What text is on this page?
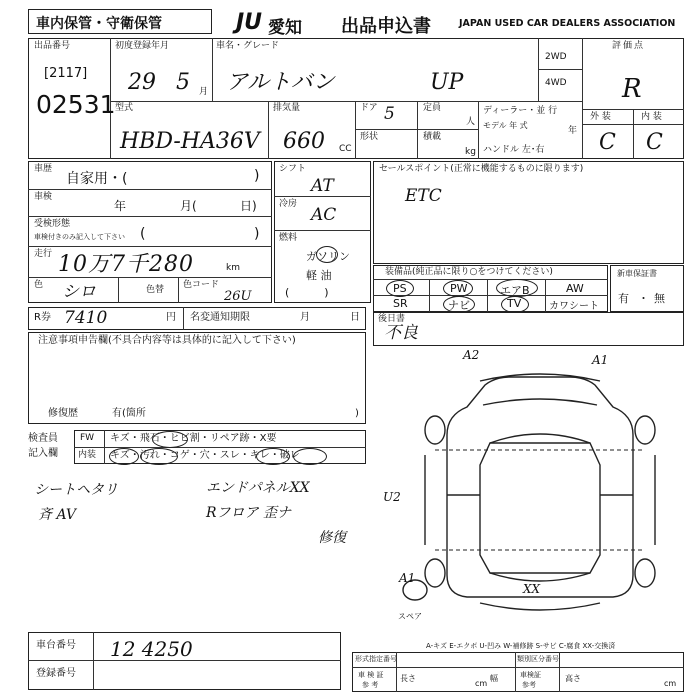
車内保管・守衛保管	JU 愛知 出品申込書	JAPAN USED CAR DEALERS ASSOCIATION
出品番号
[2117]
02531
初度登録年月
29 5 月
車名・グレード
アルトバン	UP
2WD
4WD
評価点
R
外 装	内 装
C C
型式
HBD-HA36V
排気量
660 CC
ドア 5	定員
人
形状	積載
kg
ディーラー・並 行
モデル 年 式
年
ハンドル 左･右
車歴
自家用・(	)
車検
年	月(	日)
受検形態
車検付きのみ記入して下さい (	)
走行 10万7千280	km
色 シロ	色替 色コード
26U
シフト
AT
冷房
AC
燃料
ガソリン
軽 油
(          )
セールスポイント(正常に機能するものに限ります)
ETC
装備品(純正品に限り○をつけてください)
PS	PW	エアB	AW
SR	ナビ	TV	カワシート
新車保証書
有 ・ 無
R券 7410	円 名変通知期限	月	日 後日書
不良
注意事項申告欄(不具合内容等は具体的に記入して下さい)
修復歴	有(箇所	)
検査員
記入欄
FW キズ・飛石・ヒビ割・リペア跡・X要
内装 キズ・汚れ・コゲ・穴・スレ・キレ・破レ
シートヘタリ
斉 AV
エンドパネルXX
Rフロア 歪ナ
修復
A2	A1
U2
A1
XX
スペア
A-キズ E-エクボ U-凹み W-補修跡 S-サビ C-腐食 XX-交換済
車台番号 12 4250
登録番号
形式指定番号
車 検 証
参 考
長さ
cm
幅
類別区分番号
車検証
参考
高さ
cm
